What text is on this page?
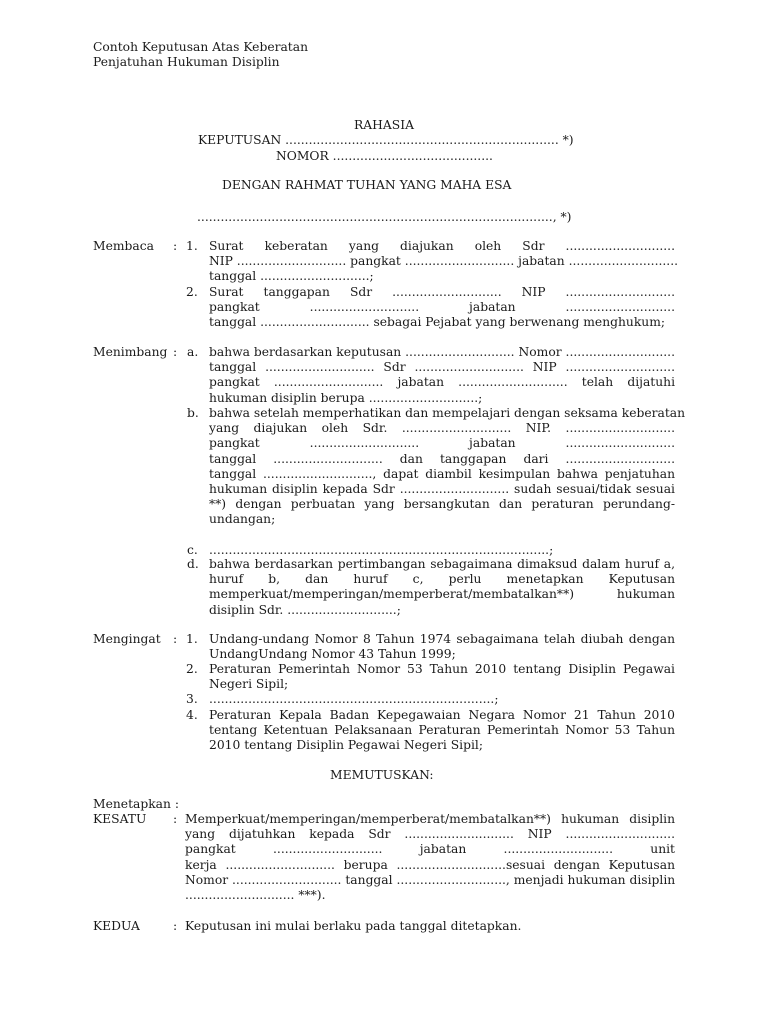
Contoh Keputusan Atas Keberatan
Penjatuhan Hukuman Disiplin
RAHASIA
KEPUTUSAN ...................................................................... *)
NOMOR .........................................
DENGAN RAHMAT TUHAN YANG MAHA ESA
..........................................................................................., *)
Membaca : 1. Surat keberatan yang diajukan oleh Sdr ............................
NIP ............................ pangkat ............................ jabatan ............................
tanggal ............................;
2. Surat tanggapan Sdr ............................ NIP ............................
pangkat ............................ jabatan ............................
tanggal ............................ sebagai Pejabat yang berwenang menghukum;
Menimbang : a. bahwa berdasarkan keputusan ............................ Nomor ............................
tanggal ............................ Sdr ............................ NIP ............................
pangkat ............................ jabatan ............................ telah dijatuhi
hukuman disiplin berupa ............................;
b. bahwa setelah memperhatikan dan mempelajari dengan seksama keberatan
yang diajukan oleh Sdr. ............................ NIP. ............................
pangkat ............................ jabatan ............................
tanggal ............................ dan tanggapan dari ............................
tanggal ............................, dapat diambil kesimpulan bahwa penjatuhan
hukuman disiplin kepada Sdr ............................ sudah sesuai/tidak sesuai
**) dengan perbuatan yang bersangkutan dan peraturan perundang-
undangan;
c. .......................................................................................;
d. bahwa berdasarkan pertimbangan sebagaimana dimaksud dalam huruf a,
huruf b, dan huruf c, perlu menetapkan Keputusan
memperkuat/memperingan/memperberat/membatalkan**) hukuman
disiplin Sdr. ............................;
Mengingat : 1. Undang-undang Nomor 8 Tahun 1974 sebagaimana telah diubah dengan
UndangUndang Nomor 43 Tahun 1999;
2. Peraturan Pemerintah Nomor 53 Tahun 2010 tentang Disiplin Pegawai
Negeri Sipil;
3. .........................................................................;
4. Peraturan Kepala Badan Kepegawaian Negara Nomor 21 Tahun 2010
tentang Ketentuan Pelaksanaan Peraturan Pemerintah Nomor 53 Tahun
2010 tentang Disiplin Pegawai Negeri Sipil;
MEMUTUSKAN:
Menetapkan :
KESATU : Memperkuat/memperingan/memperberat/membatalkan**) hukuman disiplin
yang dijatuhkan kepada Sdr ............................ NIP ............................
pangkat ............................ jabatan ............................ unit
kerja ............................ berupa ............................sesuai dengan Keputusan
Nomor ............................ tanggal ............................, menjadi hukuman disiplin
............................ ***).
KEDUA	: Keputusan ini mulai berlaku pada tanggal ditetapkan.
